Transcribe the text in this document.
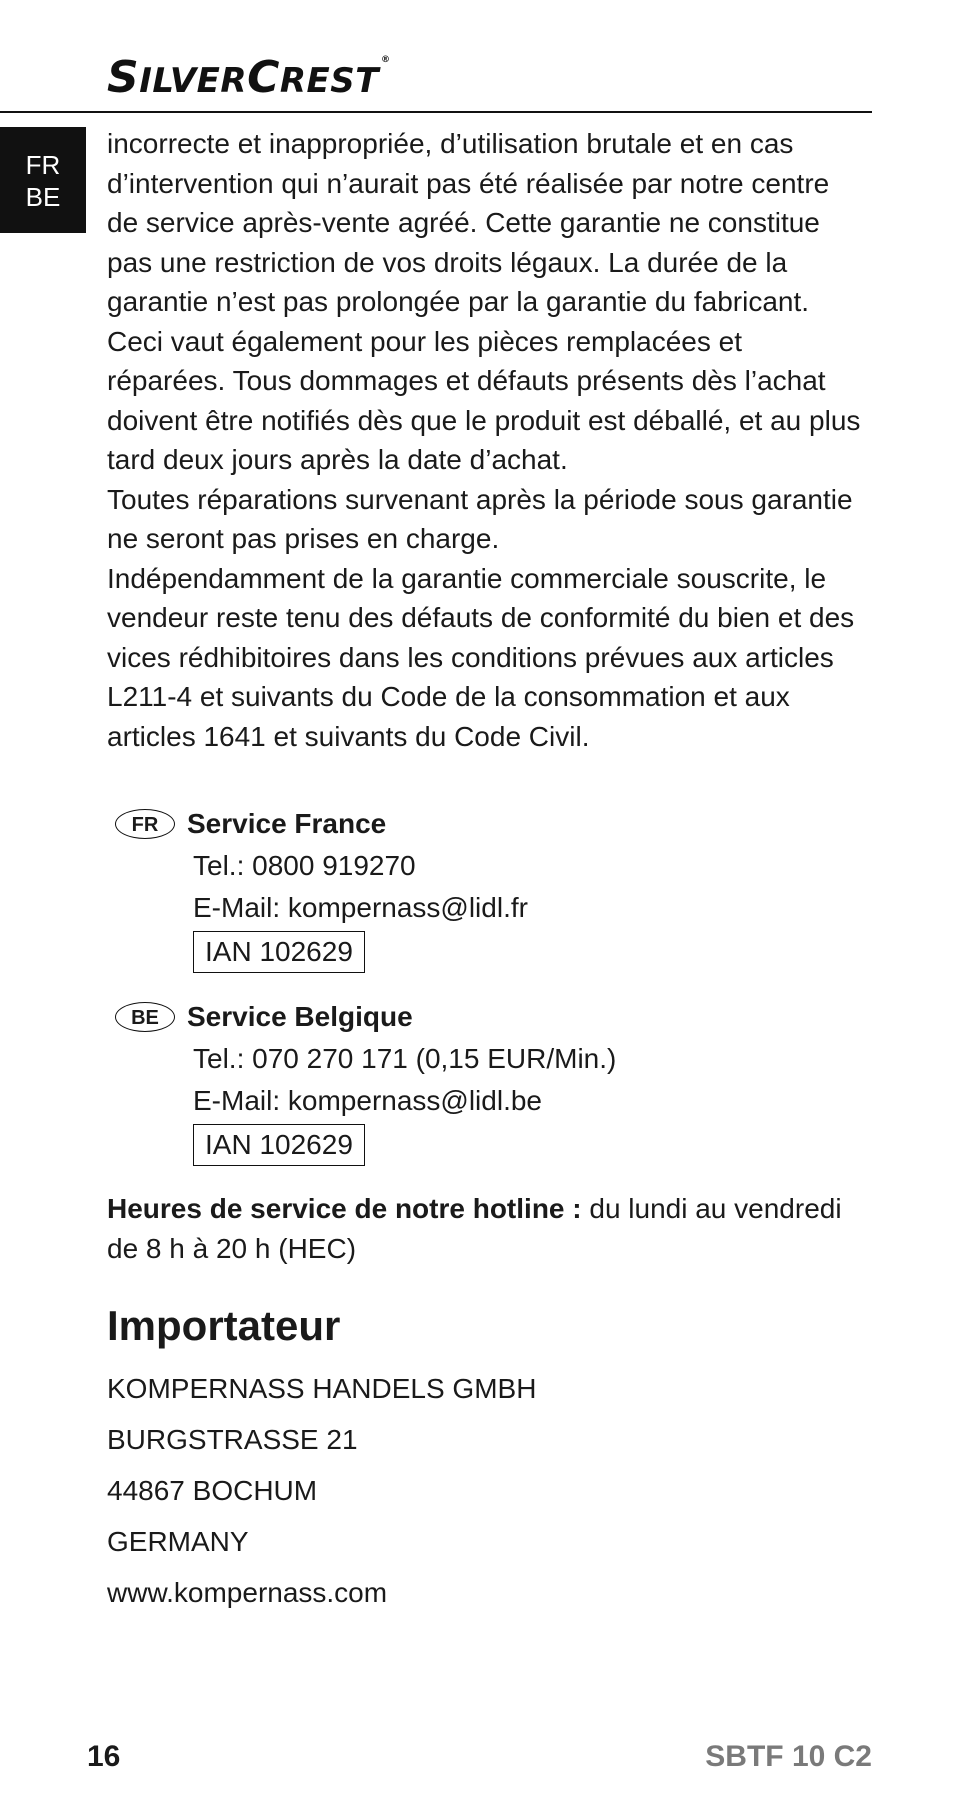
SILVERCREST®
FR
BE

incorrecte et inappropriée, d’utilisation brutale et en cas d’intervention qui n’aurait pas été réalisée par notre centre de service après-vente agréé. Cette garantie ne constitue pas une restriction de vos droits légaux. La durée de la garantie n’est pas prolongée par la garantie du fabricant. Ceci vaut également pour les pièces remplacées et réparées. Tous dommages et défauts présents dès l’achat doivent être notifiés dès que le produit est déballé, et au plus tard deux jours après la date d’achat.

Toutes réparations survenant après la période sous garantie ne seront pas prises en charge.

Indépendamment de la garantie commerciale souscrite, le vendeur reste tenu des défauts de conformité du bien et des vices rédhibitoires dans les conditions prévues aux articles L211-4 et suivants du Code de la consommation et aux articles 1641 et suivants du Code Civil.

FR	Service France
Tel.: 0800 919270
E-Mail: kompernass@lidl.fr
IAN 102629
BE	Service Belgique
Tel.: 070 270 171 (0,15 EUR/Min.)
E-Mail: kompernass@lidl.be
IAN 102629
Heures de service de notre hotline : du lundi au vendredi de 8 h à 20 h (HEC)
Importateur
KOMPERNASS HANDELS GMBH
BURGSTRASSE 21
44867 BOCHUM
GERMANY
www.kompernass.com
16	SBTF 10 C2
